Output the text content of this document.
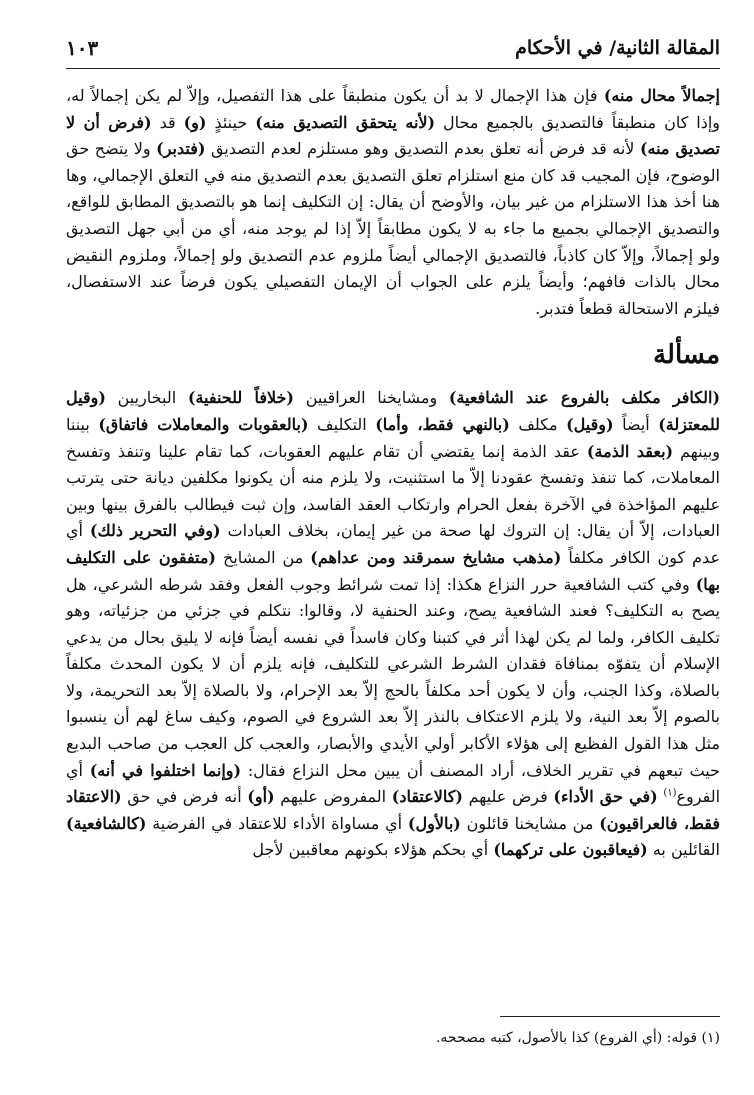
المقالة الثانية/ في الأحكام
١٠٣

إجمالاً محال منه) فإن هذا الإجمال لا بد أن يكون منطبقاً على هذا التفصيل، وإلاّ لم يكن إجمالاً له، وإذا كان منطبقاً فالتصديق بالجميع محال (لأنه يتحقق التصديق منه) حينئذٍ (و) قد (فرض أن لا تصديق منه) لأنه قد فرض أنه تعلق بعدم التصديق وهو مستلزم لعدم التصديق (فتدبر) ولا يتضح حق الوضوح، فإن المجيب قد كان منع استلزام تعلق التصديق بعدم التصديق منه في التعلق الإجمالي، وها هنا أخذ هذا الاستلزام من غير بيان، والأوضح أن يقال: إن التكليف إنما هو بالتصديق المطابق للواقع، والتصديق الإجمالي بجميع ما جاء به لا يكون مطابقاً إلاّ إذا لم يوجد منه، أي من أبي جهل التصديق ولو إجمالاً، وإلاّ كان كاذباً، فالتصديق الإجمالي أيضاً ملزوم عدم التصديق ولو إجمالاً، وملزوم النقيض محال بالذات فافهم؛ وأيضاً يلزم على الجواب أن الإيمان التفصيلي يكون فرضاً عند الاستفصال، فيلزم الاستحالة قطعاً فتدبر.

مسألة

(الكافر مكلف بالفروع عند الشافعية) ومشايخنا العراقيين (خلافاً للحنفية) البخاريين (وقيل للمعتزلة) أيضاً (وقيل) مكلف (بالنهي فقط، وأما) التكليف (بالعقوبات والمعاملات فاتفاق) بيننا وبينهم (بعقد الذمة) عقد الذمة إنما يقتضي أن تقام عليهم العقوبات، كما تقام علينا وتنفذ وتفسخ المعاملات، كما تنفذ وتفسخ عقودنا إلاّ ما استثنيت، ولا يلزم منه أن يكونوا مكلفين ديانة حتى يترتب عليهم المؤاخذة في الآخرة بفعل الحرام وارتكاب العقد الفاسد، وإن ثبت فيطالب بالفرق بينها وبين العبادات، إلاّ أن يقال: إن التروك لها صحة من غير إيمان، بخلاف العبادات (وفي التحرير ذلك) أي عدم كون الكافر مكلفاً (مذهب مشايخ سمرقند ومن عداهم) من المشايخ (متفقون على التكليف بها) وفي كتب الشافعية حرر النزاع هكذا: إذا تمت شرائط وجوب الفعل وفقد شرطه الشرعي، هل يصح به التكليف؟ فعند الشافعية يصح، وعند الحنفية لا، وقالوا: نتكلم في جزئي من جزئياته، وهو تكليف الكافر، ولما لم يكن لهذا أثر في كتبنا وكان فاسداً في نفسه أيضاً فإنه لا يليق بحال من يدعي الإسلام أن يتفوّه بمنافاة فقدان الشرط الشرعي للتكليف، فإنه يلزم أن لا يكون المحدث مكلفاً بالصلاة، وكذا الجنب، وأن لا يكون أحد مكلفاً بالحج إلاّ بعد الإحرام، ولا بالصلاة إلاّ بعد التحريمة، ولا بالصوم إلاّ بعد النية، ولا يلزم الاعتكاف بالنذر إلاّ بعد الشروع في الصوم، وكيف ساغ لهم أن ينسبوا مثل هذا القول الفظيع إلى هؤلاء الأكابر أولي الأيدي والأبصار، والعجب كل العجب من صاحب البديع حيث تبعهم في تقرير الخلاف، أراد المصنف أن يبين محل النزاع فقال: (وإنما اختلفوا في أنه) أي الفروع$^{(١)}$ (في حق الأداء) فرض عليهم (كالاعتقاد) المفروض عليهم (أو) أنه فرض في حق (الاعتقاد فقط، فالعراقيون) من مشايخنا قائلون (بالأول) أي مساواة الأداء للاعتقاد في الفرضية (كالشافعية) القائلين به (فيعاقبون على تركهما) أي بحكم هؤلاء بكونهم معاقبين لأجل

(١) قوله: (أي الفروع) كذا بالأصول، كتبه مصححه.
